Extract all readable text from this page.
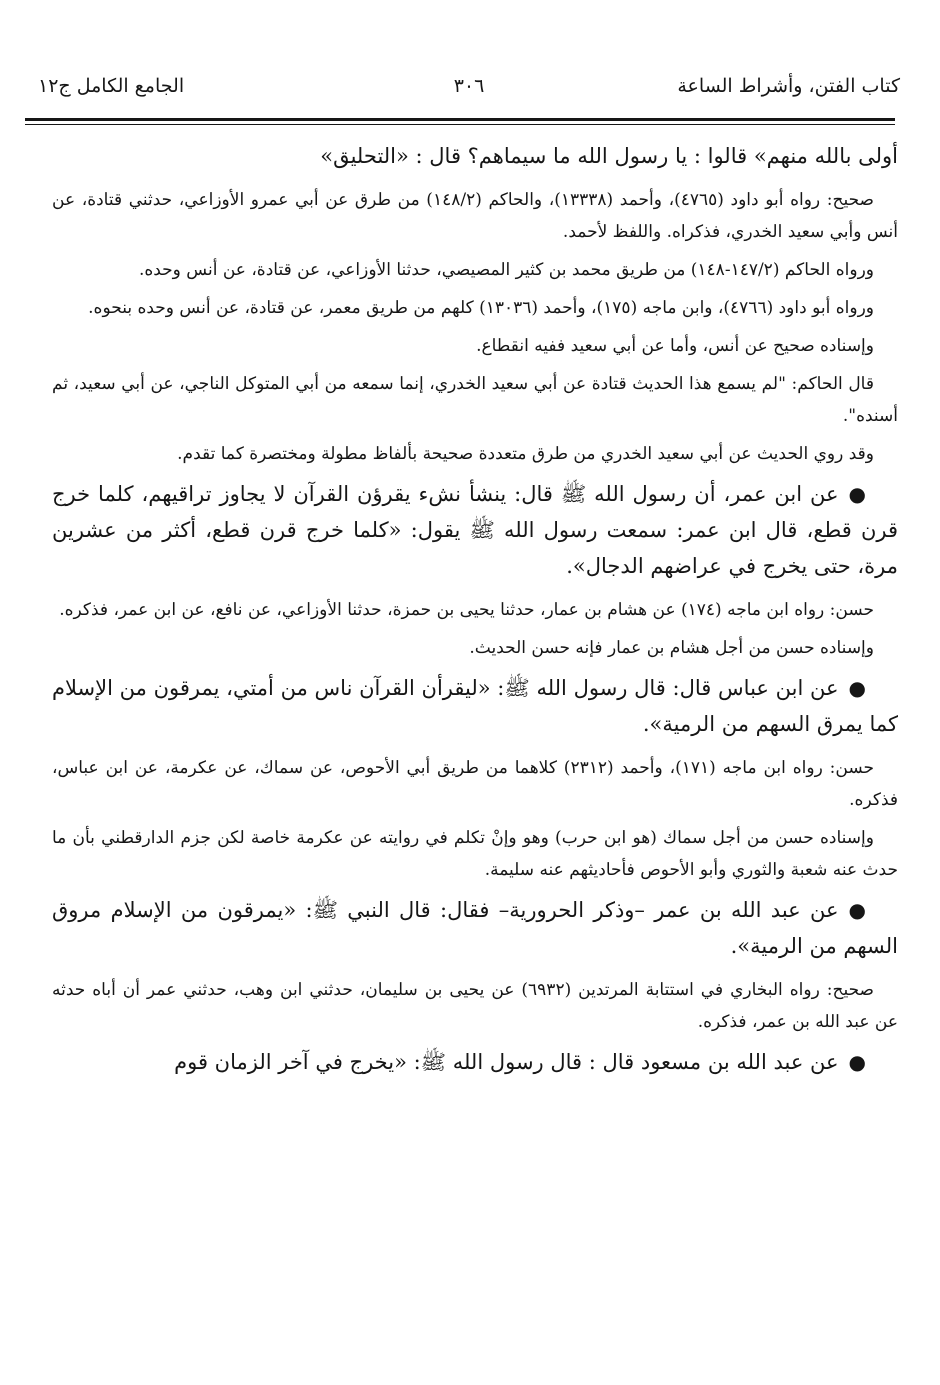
كتاب الفتن، وأشراط الساعة
٣٠٦
الجامع الكامل ج١٢

أولى بالله منهم» قالوا : يا رسول الله ما سيماهم؟ قال : «التحليق»

صحيح: رواه أبو داود (٤٧٦٥)، وأحمد (١٣٣٣٨)، والحاكم (١٤٨/٢) من طرق عن أبي عمرو الأوزاعي، حدثني قتادة، عن أنس وأبي سعيد الخدري، فذكراه. واللفظ لأحمد.

ورواه الحاكم (١٤٧/٢-١٤٨) من طريق محمد بن كثير المصيصي، حدثنا الأوزاعي، عن قتادة، عن أنس وحده.

ورواه أبو داود (٤٧٦٦)، وابن ماجه (١٧٥)، وأحمد (١٣٠٣٦) كلهم من طريق معمر، عن قتادة، عن أنس وحده بنحوه.

وإسناده صحيح عن أنس، وأما عن أبي سعيد ففيه انقطاع.

قال الحاكم: "لم يسمع هذا الحديث قتادة عن أبي سعيد الخدري، إنما سمعه من أبي المتوكل الناجي، عن أبي سعيد، ثم أسنده".

وقد روي الحديث عن أبي سعيد الخدري من طرق متعددة صحيحة بألفاظ مطولة ومختصرة كما تقدم.

●عن ابن عمر، أن رسول الله ﷺ قال: ينشأ نشء يقرؤن القرآن لا يجاوز تراقيهم، كلما خرج قرن قطع، قال ابن عمر: سمعت رسول الله ﷺ يقول: «كلما خرج قرن قطع، أكثر من عشرين مرة، حتى يخرج في عراضهم الدجال».

حسن: رواه ابن ماجه (١٧٤) عن هشام بن عمار، حدثنا يحيى بن حمزة، حدثنا الأوزاعي، عن نافع، عن ابن عمر، فذكره.

وإسناده حسن من أجل هشام بن عمار فإنه حسن الحديث.

●عن ابن عباس قال: قال رسول الله ﷺ: «ليقرأن القرآن ناس من أمتي، يمرقون من الإسلام كما يمرق السهم من الرمية».

حسن: رواه ابن ماجه (١٧١)، وأحمد (٢٣١٢) كلاهما من طريق أبي الأحوص، عن سماك، عن عكرمة، عن ابن عباس، فذكره.

وإسناده حسن من أجل سماك (هو ابن حرب) وهو وإنْ تكلم في روايته عن عكرمة خاصة لكن جزم الدارقطني بأن ما حدث عنه شعبة والثوري وأبو الأحوص فأحاديثهم عنه سليمة.

●عن عبد الله بن عمر –وذكر الحرورية– فقال: قال النبي ﷺ: «يمرقون من الإسلام مروق السهم من الرمية».

صحيح: رواه البخاري في استتابة المرتدين (٦٩٣٢) عن يحيى بن سليمان، حدثني ابن وهب، حدثني عمر أن أباه حدثه عن عبد الله بن عمر، فذكره.

●عن عبد الله بن مسعود قال : قال رسول الله ﷺ: «يخرج في آخر الزمان قوم
